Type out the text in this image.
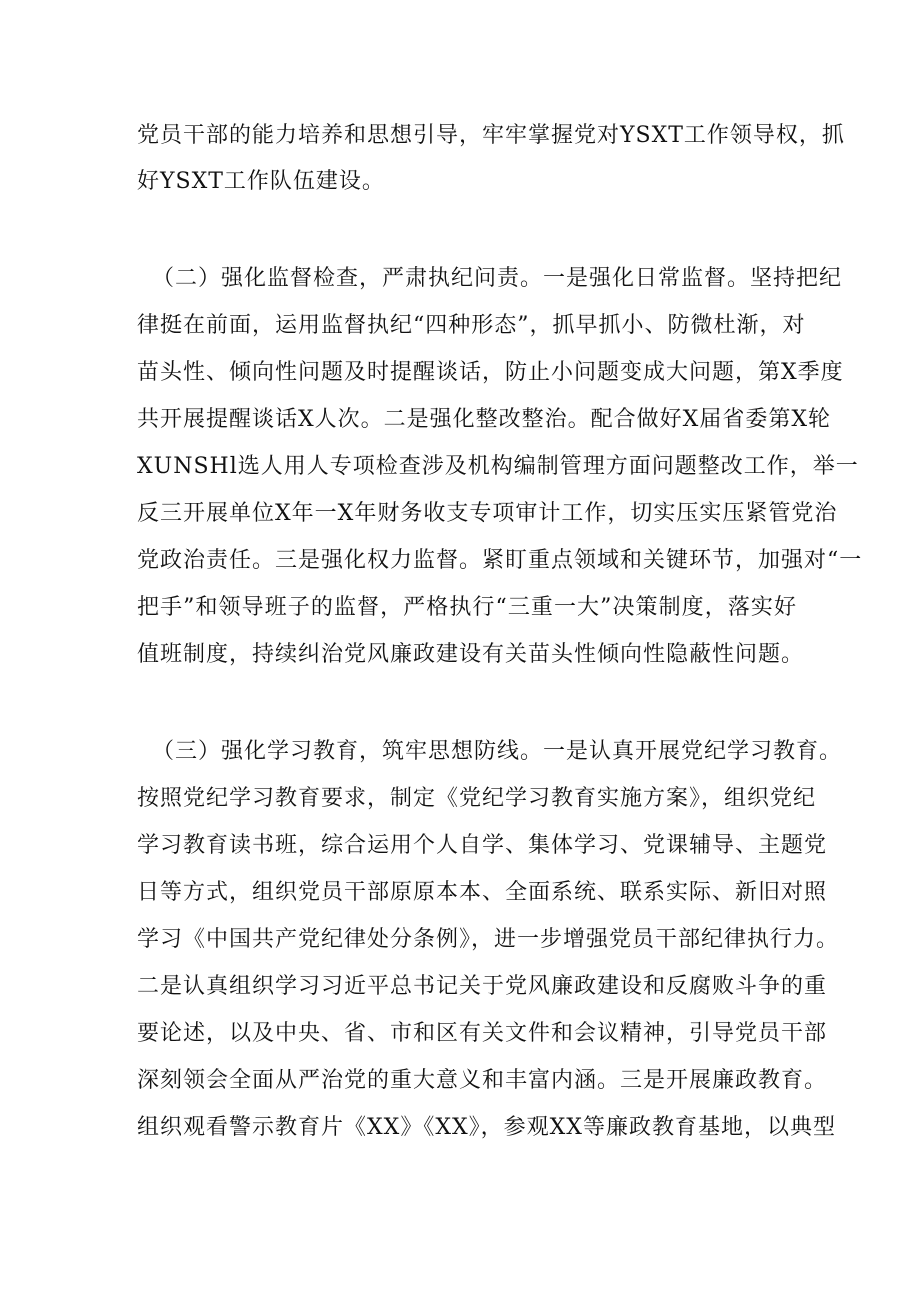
党员干部的能力培养和思想引导，牢牢掌握党对YSXT工作领导权，抓
好YSXT工作队伍建设。
（二）强化监督检查，严肃执纪问责。一是强化日常监督。坚持把纪
律挺在前面，运用监督执纪“四种形态”，抓早抓小、防微杜渐，对
苗头性、倾向性问题及时提醒谈话，防止小问题变成大问题，第X季度
共开展提醒谈话X人次。二是强化整改整治。配合做好X届省委第X轮
XUNSHl选人用人专项检查涉及机构编制管理方面问题整改工作，举一
反三开展单位X年一X年财务收支专项审计工作，切实压实压紧管党治
党政治责任。三是强化权力监督。紧盯重点领域和关键环节，加强对“一
把手”和领导班子的监督，严格执行“三重一大”决策制度，落实好
值班制度，持续纠治党风廉政建设有关苗头性倾向性隐蔽性问题。
（三）强化学习教育，筑牢思想防线。一是认真开展党纪学习教育。
按照党纪学习教育要求，制定《党纪学习教育实施方案》，组织党纪
学习教育读书班，综合运用个人自学、集体学习、党课辅导、主题党
日等方式，组织党员干部原原本本、全面系统、联系实际、新旧对照
学习《中国共产党纪律处分条例》，进一步增强党员干部纪律执行力。
二是认真组织学习习近平总书记关于党风廉政建设和反腐败斗争的重
要论述，以及中央、省、市和区有关文件和会议精神，引导党员干部
深刻领会全面从严治党的重大意义和丰富内涵。三是开展廉政教育。
组织观看警示教育片《XX》《XX》，参观XX等廉政教育基地，以典型
